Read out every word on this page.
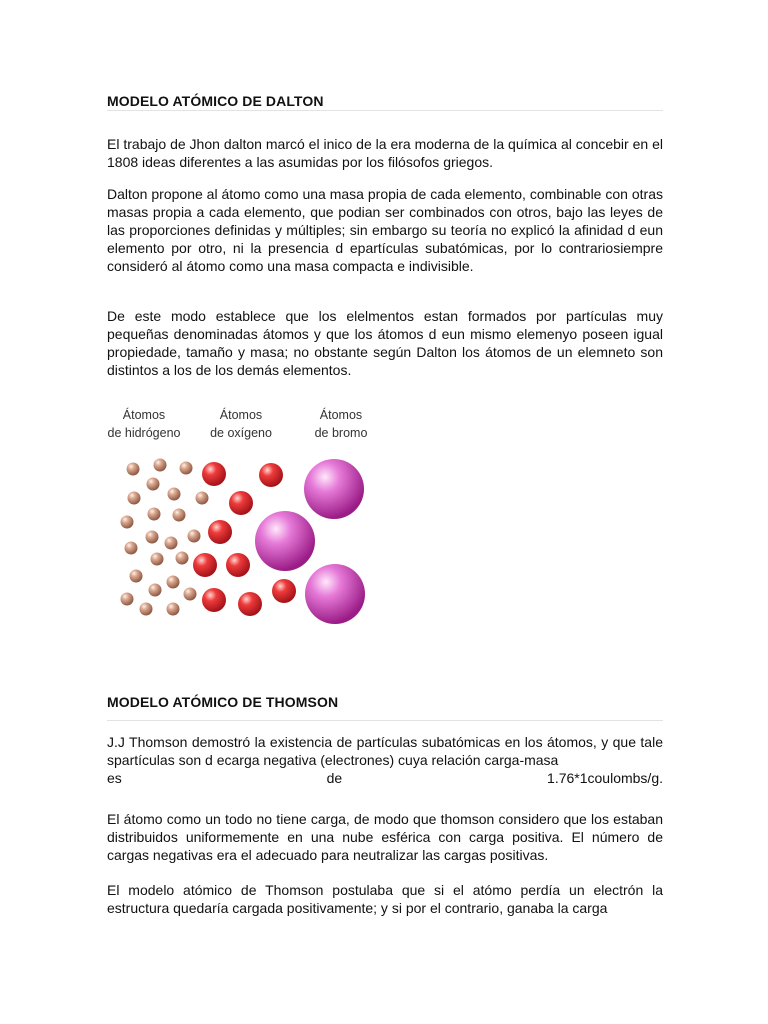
MODELO ATÓMICO DE DALTON

El trabajo de Jhon dalton marcó el inico de la era moderna de la química al concebir en el 1808 ideas diferentes a las asumidas por los filósofos griegos.

Dalton propone al átomo como una masa propia de cada elemento, combinable con otras masas propia a cada elemento, que podian ser combinados con otros, bajo las leyes de las proporciones definidas y múltiples; sin embargo su teoría no explicó la afinidad d eun elemento por otro, ni la presencia d epartículas subatómicas, por lo contrariosiempre consideró al átomo como una masa compacta e indivisible.

De este modo establece que los elelmentos estan formados por partículas muy pequeñas denominadas átomos y que los átomos d eun mismo elemenyo poseen igual propiedade, tamaño y masa; no obstante según Dalton los átomos de un elemneto son distintos a los de los demás elementos.

Átomos
de hidrógeno
Átomos
de oxígeno
Átomos
de bromo
MODELO ATÓMICO DE THOMSON

J.J Thomson demostró la existencia de partículas subatómicas en los átomos, y que tale spartículas son d ecarga negativa (electrones) cuya relación carga-masa

es	de	1.76*1coulombs/g.

El átomo como un todo no tiene carga, de modo que thomson considero que los estaban distribuidos uniformemente en una nube esférica con carga positiva. El número de cargas negativas era el adecuado para neutralizar las cargas positivas.

El modelo atómico de Thomson postulaba que si el atómo perdía un electrón la estructura quedaría cargada positivamente; y si por el contrario, ganaba la carga
